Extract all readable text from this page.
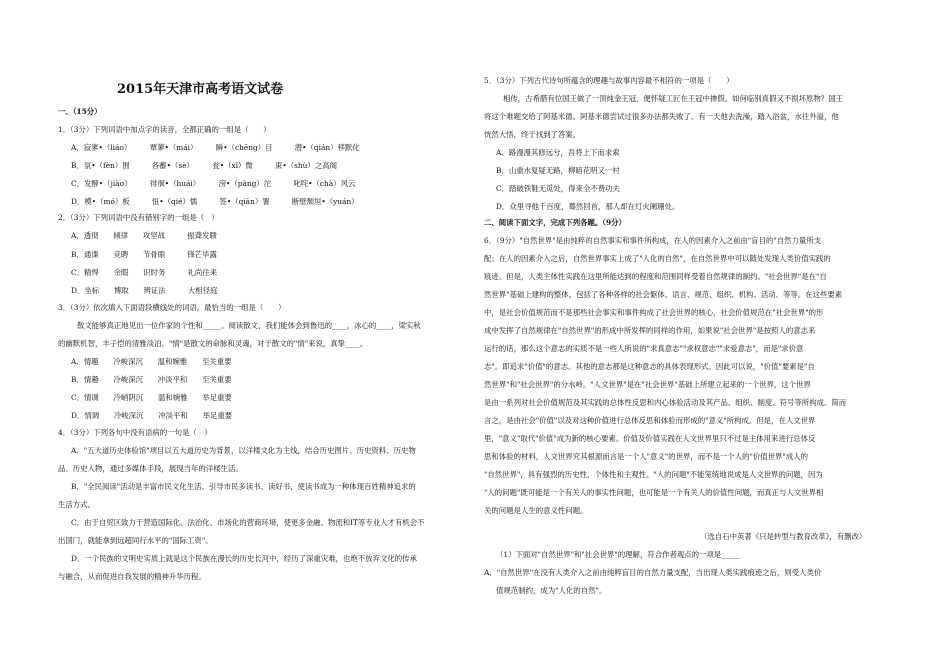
2015年天津市高考语文试卷
一、（15分）
1．（3分）下列词语中加点字的读音，全都正确的一组是（　　）
A．寂寥•（liáo）　　　覃蓼•（mái）　　　瞬•（chēng）目　　　潜•（qián）移默化
B．氛•（fèn）围　　　各蓄•（sè）　　　瓮•（xī）微　　　束•（shù）之高阁
C．发酵•（jiào）　　　徘徊•（huái）　　　滂•（pāng）沱　　　叱咤•（chà）风云
D．模•（mó）板　　　忸•（qié）懦　　　签•（qiān）署　　　断壁颓垣•（yuán）
2．（3分）下列词语中没有错别字的一组是（　）
A．透彻　　倾律　　攻坚战　　　振聋发聩
B．通谍　　竞聘　　节骨眼　　　锋芒毕露
C．精悍　　余暇　　识时务　　　礼尚往来
D．坐标　　博取　　辨证法　　　大相径庭
3．（3分）依次填入下面语段横线处的词语，最恰当的一组是（　　）
散文能够真正地见出一位作家的个性和_____。阅读散文，我们能体会到鲁迅的____，冰心的____，梁实秋
的幽默机智，丰子恺的清雅淡泊。"情"是散文的命脉和灵魂，对于散文的"情"来说，真挚____。
A．情趣　　冷峻深沉　　温和婉雅　　至关重要
B．情趣　　冷峻深沉　　冲淡平和　　至关重要
C．情调　　冷峭阴沉　　温和婉雅　　举足重要
D．情调　　冷峻深沉　　冲淡平和　　举足重要
4．（3分）下列各句中没有语病的一句是（　）
A．"五大道历史体验馆"项目以五大道历史为背景，以洋楼文化为主线，结合历史图片、历史资料、历史物
品、历史人物，通过多媒体手段，展现当年的洋楼生活。
B．"全民阅读"活动是丰富市民文化生活、引导市民多读书、读好书，使读书成为一种体现百姓精神追求的
生活方式。
C．由于自贸区致力于营造国际化、法治化、市场化的营商环境，使更多金融、物流和IT等专业人才有机会不
出国门，就能拿到远超同行水平的"国际工资"。
D．一个民族的文明史实质上就是这个民族在漫长的历史长河中，经历了深重灾难，也绝不放弃文化的传承
与融合，从而促进自我发展的精神升华历程。
5．（3分）下列古代诗句所蕴含的理趣与故事内容最不相符的一项是（　　）
相传，古希腊有位国王做了一顶纯金王冠，便怀疑工匠在王冠中掺假。如何临别真假又不损坏原物？国王
将这个难题交给了阿基米德。阿基米德尝试过很多办法都失败了。有一天他去洗澡，踏入浴盆，水往外溢，他
恍然大悟，终于找到了答案。
A．路漫漫其修远兮，吾将上下而求索
B．山重水复疑无路，柳暗花明又一村
C．踏破铁鞋无觅处，得来全不费功夫
D．众里寻他千百度，蓦然回首，那人却在灯火阑珊处。
二、阅读下面文字，完成下列各题。（9分）
6．（9分）"自然世界"是由纯粹的自然事实和事件所构成，在人的因素介入之前由"盲目的"自然力量所支
配；在人的因素介入之后，自然世界事实上成了"人化的自然"，在自然世界中可以随处发现人类价值实践的
痕迹。但是，人类主体性实践在这里所能达到的程度和范围同样受着自然规律的制约。"社会世界"是在"自
然世界"基础上建构的整体，包括了各种各样的社会躯体、语言、规范、组织、机构、活动、等等。在这些要素
中，是社会价值规范而不是那些社会事实和事件构成了社会世界的核心，社会价值规范在"社会世界"的形
成中发挥了自然规律在"自然世界"的形成中所发挥的同样的作用，如果说"社会世界"是按照人的意志来
运行的话，那么这个意志的实质不是一些人所说的"求真意志""求权意志""求爱意志"，而是"求价意
志"。即追求"价值"的意志。其他的意志都是这种意志的具体表现形式。因此可以说，"价值"要素是"自
然世界"和"社会世界"的分水岭。"人文世界"是在"社会世界"基础上所建立起来的一个世界，这个世界
是由一系列对社会价值规范及其实践的总体性反思和内心体验活动及其产品、组织、制度、符号等所构成。简而
言之，是由社会"价值"以及对这种价值进行总体反思和体验而形成的"意义"所构成。但是，在人文世界
里，"意义"取代"价值"成为新的核心要素。价值及价值实践在人文世界里只不过是主体用来进行总体反
思和体验的材料，人文世界究其根源而言是一个人"意义"的世界，而不是一个人的"价值世界"成人的
"自然世界"，具有强烈的历史性、个体性和主观性。"人的问题"不能笼统地说成是人文世界的问题，因为
"人的问题"既可能是一个有关人的事实性问题，也可能是一个有关人的价值性问题，而真正与人文世界相
关的问题是人生的意义性问题。
（选自石中英著《只是转型与教育改革》，有删改）
（1）下面对"自然世界"和"社会世界"的理解，符合作者观点的一项是_____
A．"自然世界"在没有人类介入之前由纯粹盲目的自然力量支配，当出现人类实践痕迹之后，则受人类价
值规范制约，成为"人化的自然"。
